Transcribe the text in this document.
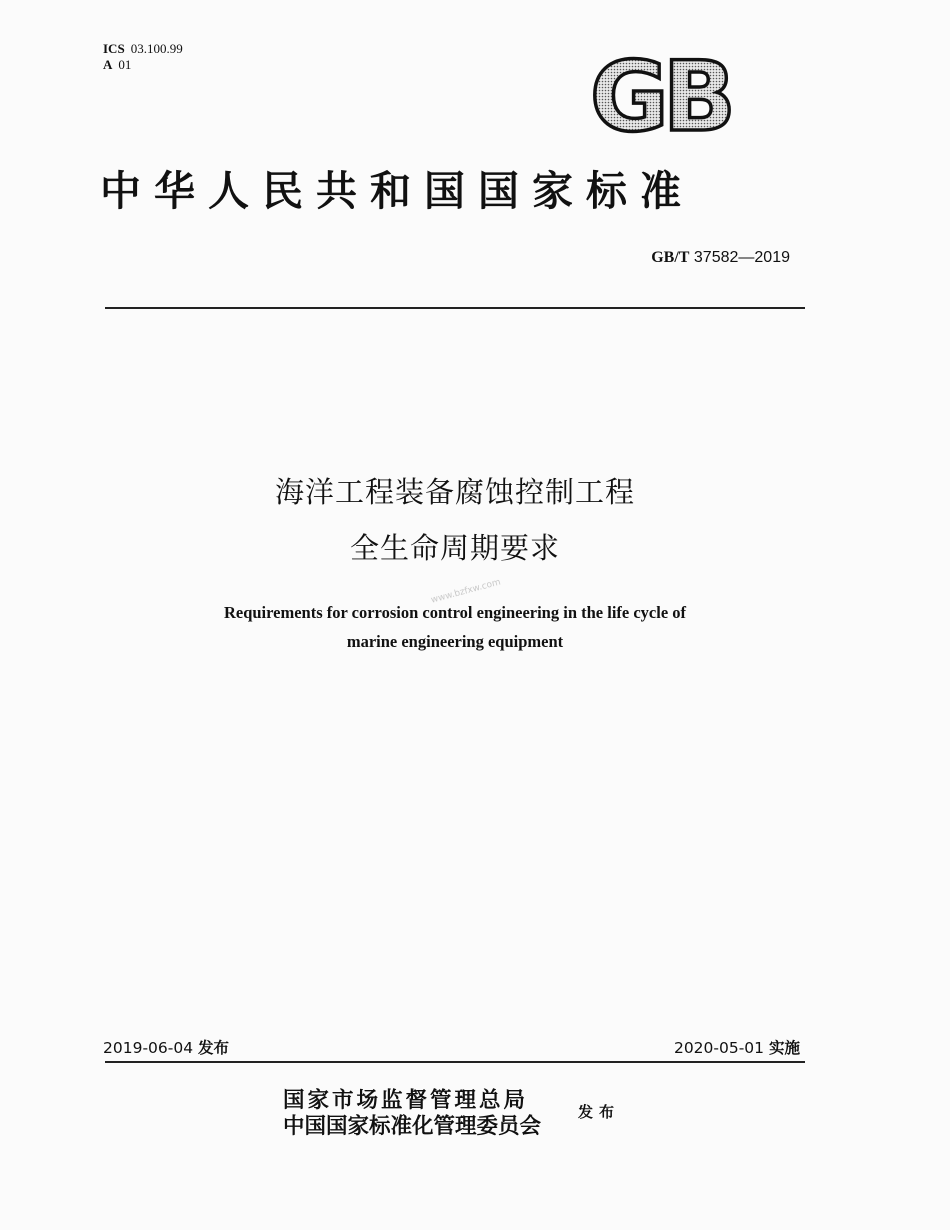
ICS 03.100.99
A 01	GB
中华人民共和国国家标准
GB/T 37582—2019
海洋工程装备腐蚀控制工程
全生命周期要求
www.bzfxw.com
Requirements for corrosion control engineering in the life cycle of
marine engineering equipment
2019-06-04 发布	2020-05-01 实施
国家市场监督管理总局
中国国家标准化管理委员会
发布
